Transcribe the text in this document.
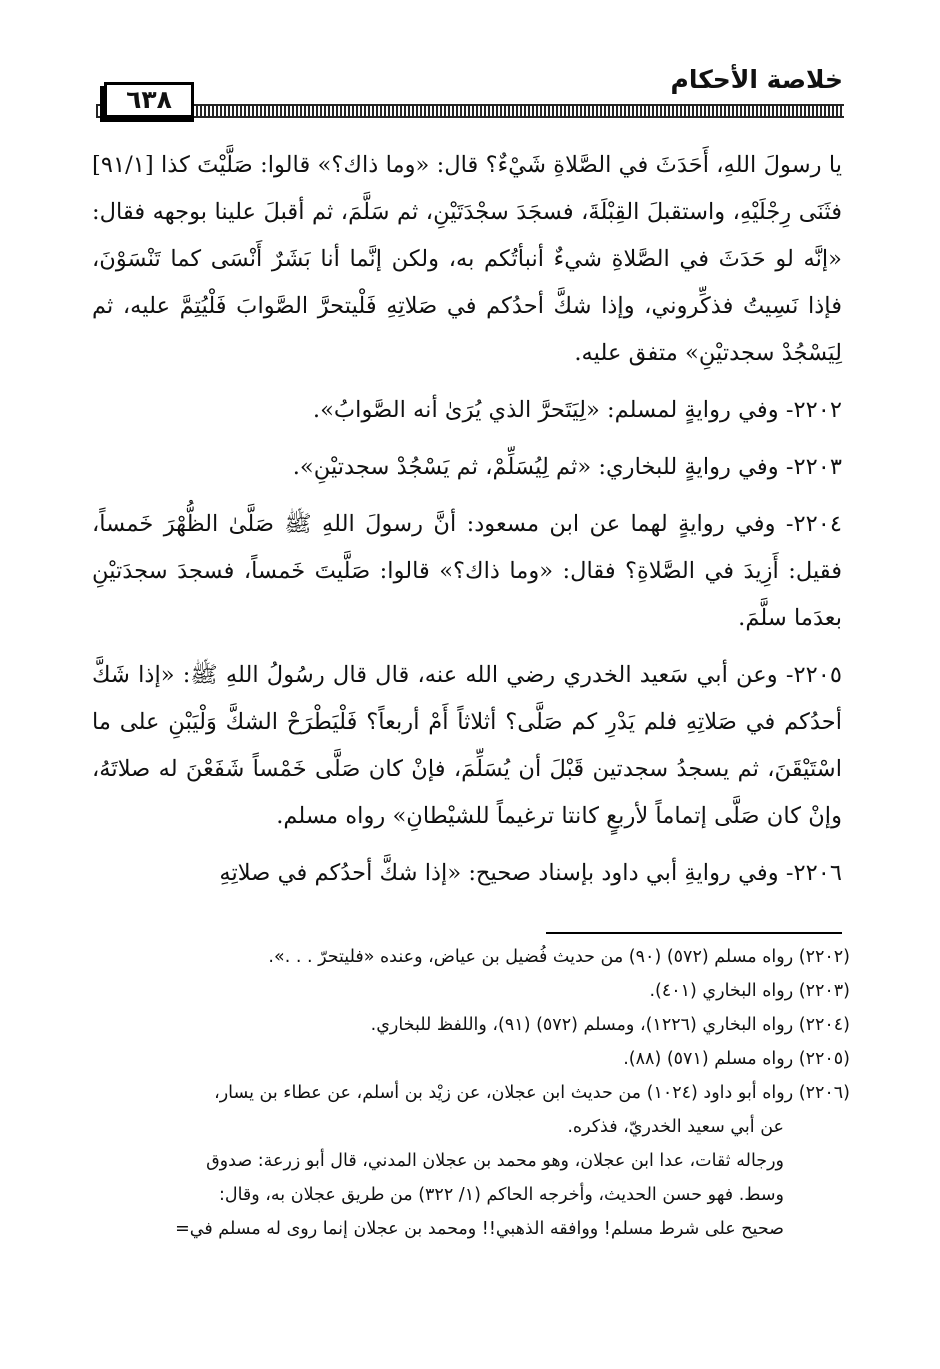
خلاصة الأحكام
٦٣٨

يا رسولَ اللهِ، أَحَدَثَ في الصَّلاةِ شَيْءٌ؟ قال: «وما ذاك؟» قالوا: صَلَّيْتَ كذا [٩١/١] فثَنَى رِجْلَيْهِ، واستقبلَ القِبْلَةَ، فسجَدَ سجْدَتَيْنِ، ثم سَلَّمَ، ثم أقبلَ علينا بوجهه فقال: «إنَّه لو حَدَثَ في الصَّلاةِ شيءٌ أنبأتُكم به، ولكن إنَّما أنا بَشَرٌ أَنْسَى كما تَنْسَوْنَ، فإذا نَسِيتُ فذكِّروني، وإذا شكَّ أحدُكم في صَلاتِهِ فَلْيتحرَّ الصَّوابَ فَلْيُتِمَّ عليه، ثم لِيَسْجُدْ سجدتيْنِ» متفق عليه.

٢٢٠٢- وفي روايةٍ لمسلم: «لِيَتَحرَّ الذي يُرَىٰ أنه الصَّوابُ».

٢٢٠٣- وفي روايةٍ للبخاري: «ثم لِيُسَلِّمْ، ثم يَسْجُدْ سجدتيْنِ».

٢٢٠٤- وفي روايةٍ لهما عن ابن مسعود: أنَّ رسولَ اللهِ ﷺ صَلَّىٰ الظُّهْرَ خَمساً، فقيل: أَزِيدَ في الصَّلاةِ؟ فقال: «وما ذاك؟» قالوا: صَلَّيتَ خَمساً، فسجدَ سجدَتيْنِ بعدَما سلَّمَ.

٢٢٠٥- وعن أبي سَعيد الخدري رضي الله عنه، قال قال رسُولُ اللهِ ﷺ: «إذا شَكَّ أحدُكم في صَلاتِهِ فلم يَدْرِ كم صَلَّى؟ أثلاثاً أَمْ أربعاً؟ فَلْيَطْرَحْ الشكَّ وَلْيَبْنِ على ما اسْتَيْقَنَ، ثم يسجدُ سجدتين قَبْلَ أن يُسَلِّمَ، فإنْ كان صَلَّى خَمْساً شَفَعْنَ له صلاتَهُ، وإنْ كان صَلَّى إتماماً لأربعٍ كانتا ترغيماً للشيْطانِ» رواه مسلم.

٢٢٠٦- وفي روايةِ أبي داود بإسناد صحيح: «إذا شكَّ أحدُكم في صلاتِهِ

(٢٢٠٢) رواه مسلم (٥٧٢) (٩٠) من حديث فُضيل بن عياض، وعنده «فليتحرّ . . .».
(٢٢٠٣) رواه البخاري (٤٠١).
(٢٢٠٤) رواه البخاري (١٢٢٦)، ومسلم (٥٧٢) (٩١)، واللفظ للبخاري.
(٢٢٠٥) رواه مسلم (٥٧١) (٨٨).
(٢٢٠٦) رواه أبو داود (١٠٢٤) من حديث ابن عجلان، عن زيْد بن أسلم، عن عطاء بن يسار،
عن أبي سعيد الخدريّ، فذكره.
ورجاله ثقات، عدا ابن عجلان، وهو محمد بن عجلان المدني، قال أبو زرعة: صدوق
وسط. فهو حسن الحديث، وأخرجه الحاكم (١/ ٣٢٢) من طريق عجلان به، وقال:
صحيح على شرط مسلم! ووافقه الذهبي!! ومحمد بن عجلان إنما روى له مسلم في=
